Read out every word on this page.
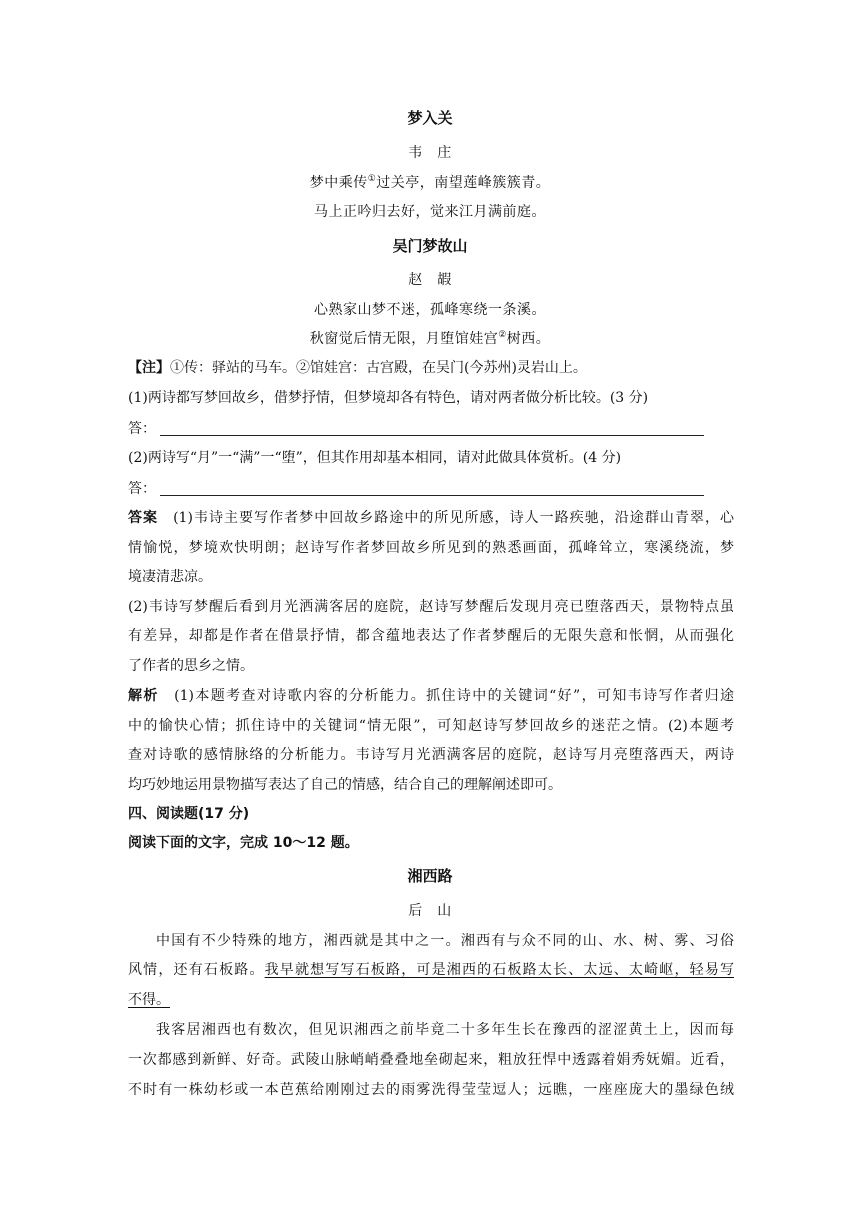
梦入关
韦　庄
梦中乘传①过关亭，南望莲峰簇簇青。
马上正吟归去好，觉来江月满前庭。
吴门梦故山
赵　嘏
心熟家山梦不迷，孤峰寒绕一条溪。
秋窗觉后情无限，月堕馆娃宫②树西。
【注】①传：驿站的马车。②馆娃宫：古宫殿，在吴门(今苏州)灵岩山上。
(1)两诗都写梦回故乡，借梦抒情，但梦境却各有特色，请对两者做分析比较。(3 分)
答：
(2)两诗写“月”一“满”一“堕”，但其作用却基本相同，请对此做具体赏析。(4 分)
答：
答案　 (1)韦诗主要写作者梦中回故乡路途中的所见所感，诗人一路疾驰，沿途群山青翠，心
情愉悦，梦境欢快明朗；赵诗写作者梦回故乡所见到的熟悉画面，孤峰耸立，寒溪绕流，梦
境凄清悲凉。
(2)韦诗写梦醒后看到月光洒满客居的庭院，赵诗写梦醒后发现月亮已堕落西天，景物特点虽
有差异，却都是作者在借景抒情，都含蕴地表达了作者梦醒后的无限失意和怅惘，从而强化
了作者的思乡之情。
解析　 (1)本题考查对诗歌内容的分析能力。抓住诗中的关键词“好”，可知韦诗写作者归途
中的愉快心情；抓住诗中的关键词“情无限”，可知赵诗写梦回故乡的迷茫之情。(2)本题考
查对诗歌的感情脉络的分析能力。韦诗写月光洒满客居的庭院，赵诗写月亮堕落西天，两诗
均巧妙地运用景物描写表达了自己的情感，结合自己的理解阐述即可。
四、阅读题(17 分)
阅读下面的文字，完成 10～12 题。
湘西路
后　山
中国有不少特殊的地方，湘西就是其中之一。湘西有与众不同的山、水、树、雾、习俗
风情，还有石板路。我早就想写写石板路，可是湘西的石板路太长、太远、太崎岖，轻易写
不得。
我客居湘西也有数次，但见识湘西之前毕竟二十多年生长在豫西的涩涩黄土上，因而每
一次都感到新鲜、好奇。武陵山脉峭峭叠叠地垒砌起来，粗放狂悍中透露着娟秀妩媚。近看，
不时有一株幼杉或一本芭蕉给刚刚过去的雨雾洗得莹莹逗人；远瞧，一座座庞大的墨绿色绒
